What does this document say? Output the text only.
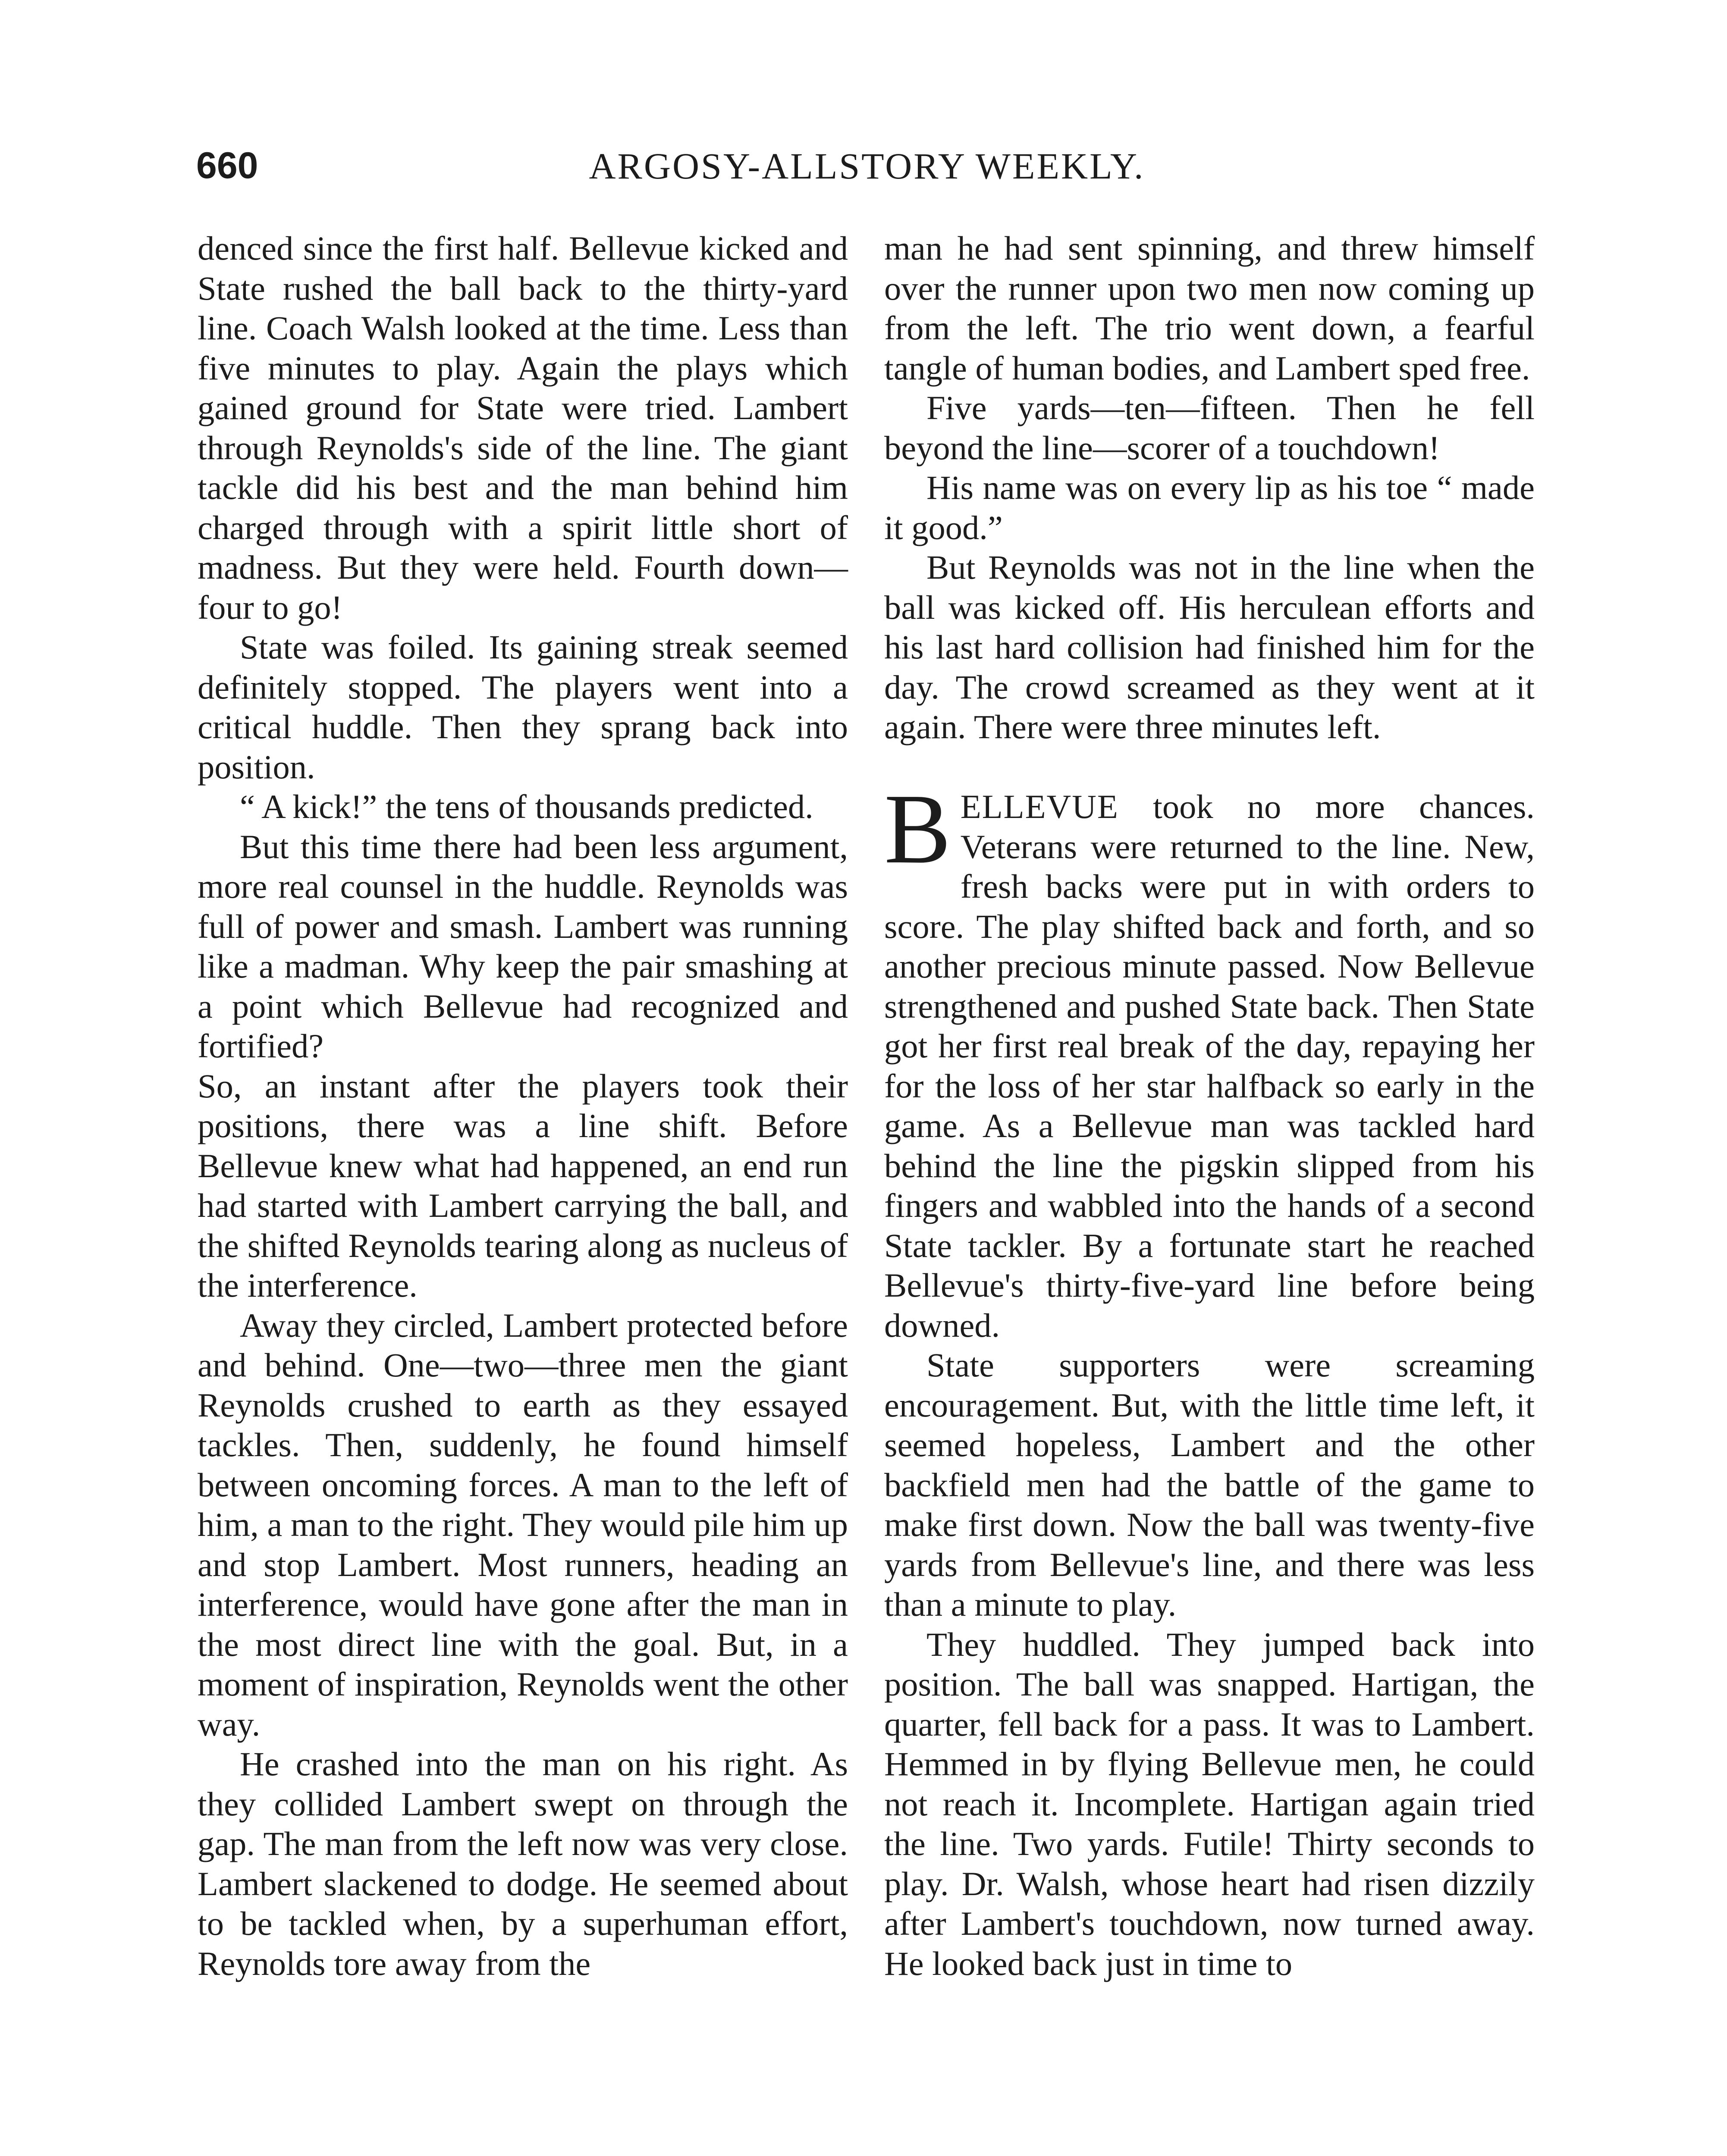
660	ARGOSY-ALLSTORY WEEKLY.

denced since the first half. Bellevue kicked and State rushed the ball back to the thirty-yard line. Coach Walsh looked at the time. Less than five minutes to play. Again the plays which gained ground for State were tried. Lambert through Reynolds's side of the line. The giant tackle did his best and the man behind him charged through with a spirit little short of madness. But they were held. Fourth down—four to go!

State was foiled. Its gaining streak seemed definitely stopped. The players went into a critical huddle. Then they sprang back into position.

“ A kick!” the tens of thousands predicted.

But this time there had been less argument, more real counsel in the huddle. Reynolds was full of power and smash. Lambert was running like a madman. Why keep the pair smashing at a point which Bellevue had recognized and fortified?

So, an instant after the players took their positions, there was a line shift. Before Bellevue knew what had happened, an end run had started with Lambert carrying the ball, and the shifted Reynolds tearing along as nucleus of the interference.

Away they circled, Lambert protected before and behind. One—two—three men the giant Reynolds crushed to earth as they essayed tackles. Then, suddenly, he found himself between oncoming forces. A man to the left of him, a man to the right. They would pile him up and stop Lambert. Most runners, heading an interference, would have gone after the man in the most direct line with the goal. But, in a moment of inspiration, Reynolds went the other way.

He crashed into the man on his right. As they collided Lambert swept on through the gap. The man from the left now was very close. Lambert slackened to dodge. He seemed about to be tackled when, by a superhuman effort, Reynolds tore away from the

man he had sent spinning, and threw himself over the runner upon two men now coming up from the left. The trio went down, a fearful tangle of human bodies, and Lambert sped free.

Five yards—ten—fifteen. Then he fell beyond the line—scorer of a touchdown!

His name was on every lip as his toe “ made it good.”

But Reynolds was not in the line when the ball was kicked off. His herculean efforts and his last hard collision had finished him for the day. The crowd screamed as they went at it again. There were three minutes left.

BELLEVUE took no more chances. Veterans were returned to the line. New, fresh backs were put in with orders to score. The play shifted back and forth, and so another precious minute passed. Now Bellevue strengthened and pushed State back. Then State got her first real break of the day, repaying her for the loss of her star halfback so early in the game. As a Bellevue man was tackled hard behind the line the pigskin slipped from his fingers and wabbled into the hands of a second State tackler. By a fortunate start he reached Bellevue's thirty-five-yard line before being downed.

State supporters were screaming encouragement. But, with the little time left, it seemed hopeless, Lambert and the other backfield men had the battle of the game to make first down. Now the ball was twenty-five yards from Bellevue's line, and there was less than a minute to play.

They huddled. They jumped back into position. The ball was snapped. Hartigan, the quarter, fell back for a pass. It was to Lambert. Hemmed in by flying Bellevue men, he could not reach it. Incomplete. Hartigan again tried the line. Two yards. Futile! Thirty seconds to play. Dr. Walsh, whose heart had risen dizzily after Lambert's touchdown, now turned away. He looked back just in time to
